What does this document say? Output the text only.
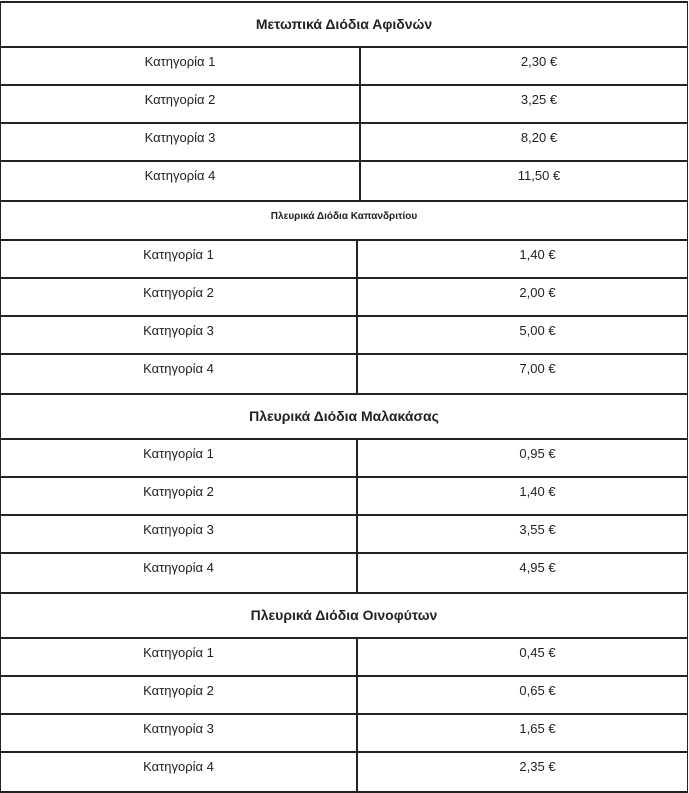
Μετωπικά Διόδια Αφιδνών
Κατηγορία 1	2,30 €
Κατηγορία 2	3,25 €
Κατηγορία 3	8,20 €
Κατηγορία 4	11,50 €
Πλευρικά Διόδια Καπανδριτίου
Κατηγορία 1	1,40 €
Κατηγορία 2	2,00 €
Κατηγορία 3	5,00 €
Κατηγορία 4	7,00 €
Πλευρικά Διόδια Μαλακάσας
Κατηγορία 1	0,95 €
Κατηγορία 2	1,40 €
Κατηγορία 3	3,55 €
Κατηγορία 4	4,95 €
Πλευρικά Διόδια Οινοφύτων
Κατηγορία 1	0,45 €
Κατηγορία 2	0,65 €
Κατηγορία 3	1,65 €
Κατηγορία 4	2,35 €
